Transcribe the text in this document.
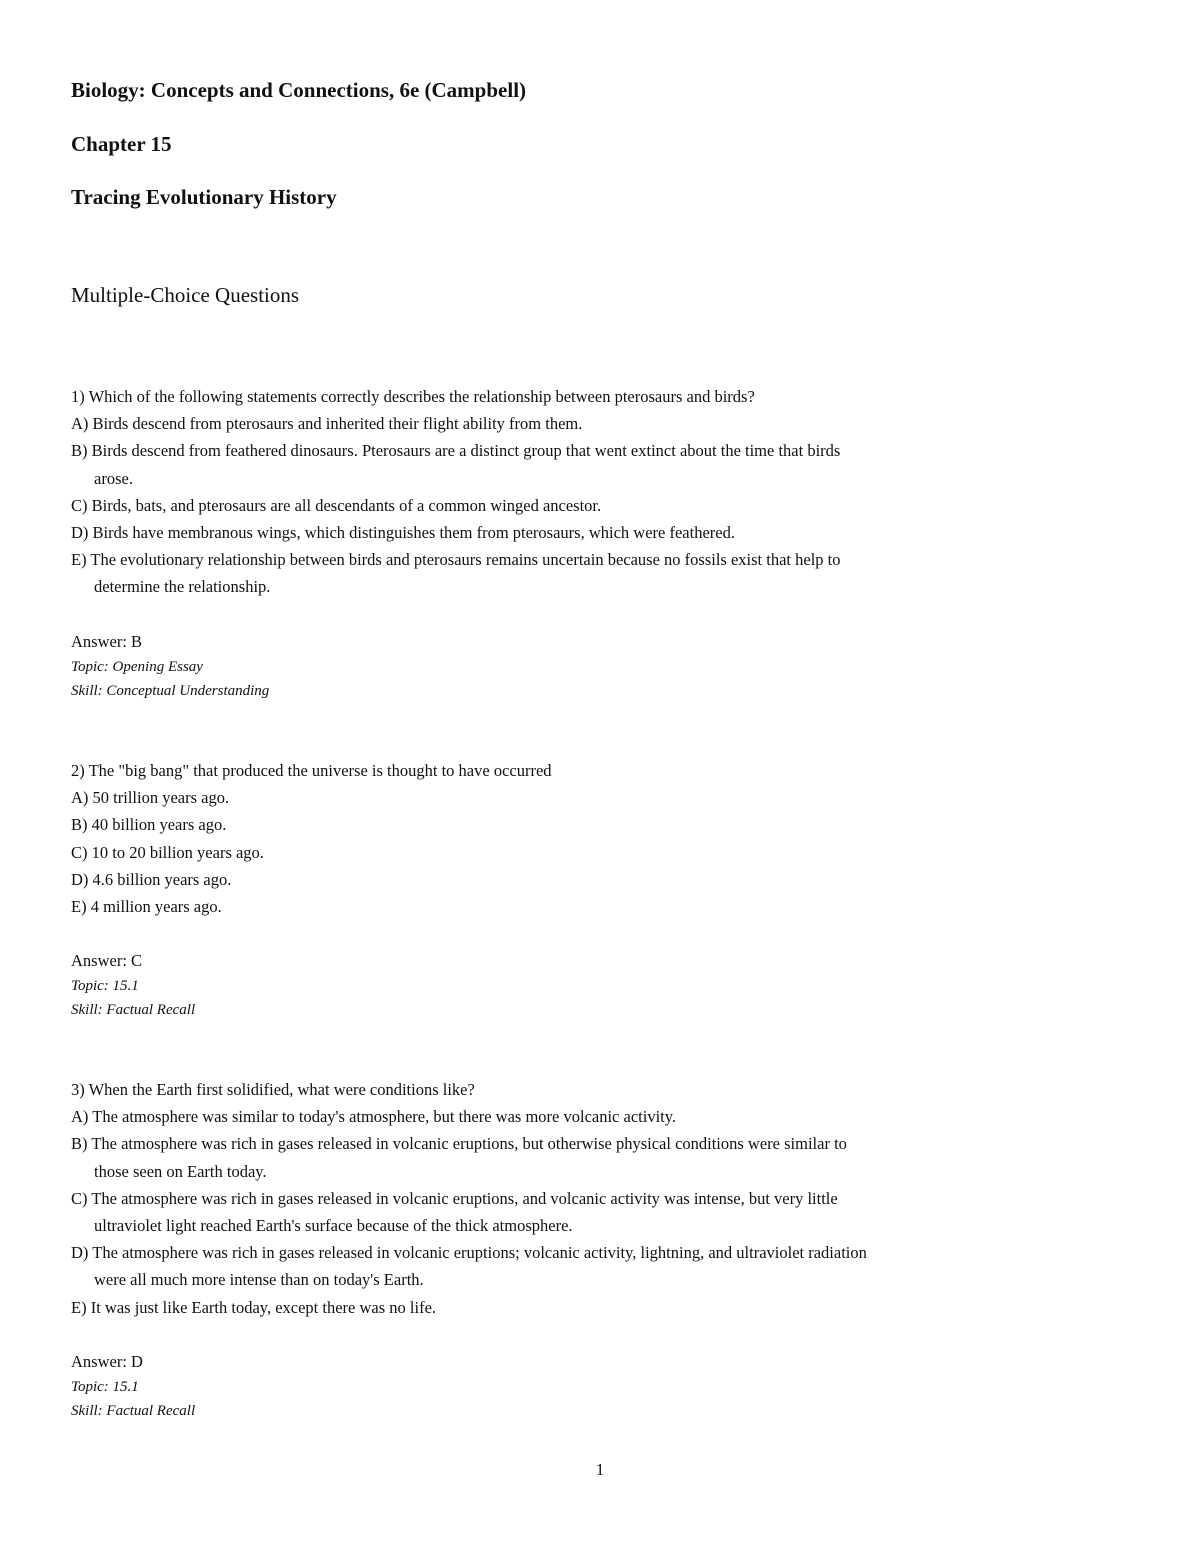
Biology: Concepts and Connections, 6e (Campbell)
Chapter 15
Tracing Evolutionary History
Multiple-Choice Questions
1) Which of the following statements correctly describes the relationship between pterosaurs and birds?
A) Birds descend from pterosaurs and inherited their flight ability from them.
B) Birds descend from feathered dinosaurs. Pterosaurs are a distinct group that went extinct about the time that birds
arose.
C) Birds, bats, and pterosaurs are all descendants of a common winged ancestor.
D) Birds have membranous wings, which distinguishes them from pterosaurs, which were feathered.
E) The evolutionary relationship between birds and pterosaurs remains uncertain because no fossils exist that help to
determine the relationship.
Answer: B
Topic: Opening Essay
Skill: Conceptual Understanding
2) The "big bang" that produced the universe is thought to have occurred
A) 50 trillion years ago.
B) 40 billion years ago.
C) 10 to 20 billion years ago.
D) 4.6 billion years ago.
E) 4 million years ago.
Answer: C
Topic: 15.1
Skill: Factual Recall
3) When the Earth first solidified, what were conditions like?
A) The atmosphere was similar to today's atmosphere, but there was more volcanic activity.
B) The atmosphere was rich in gases released in volcanic eruptions, but otherwise physical conditions were similar to
those seen on Earth today.
C) The atmosphere was rich in gases released in volcanic eruptions, and volcanic activity was intense, but very little
ultraviolet light reached Earth's surface because of the thick atmosphere.
D) The atmosphere was rich in gases released in volcanic eruptions; volcanic activity, lightning, and ultraviolet radiation
were all much more intense than on today's Earth.
E) It was just like Earth today, except there was no life.
Answer: D
Topic: 15.1
Skill: Factual Recall
1
